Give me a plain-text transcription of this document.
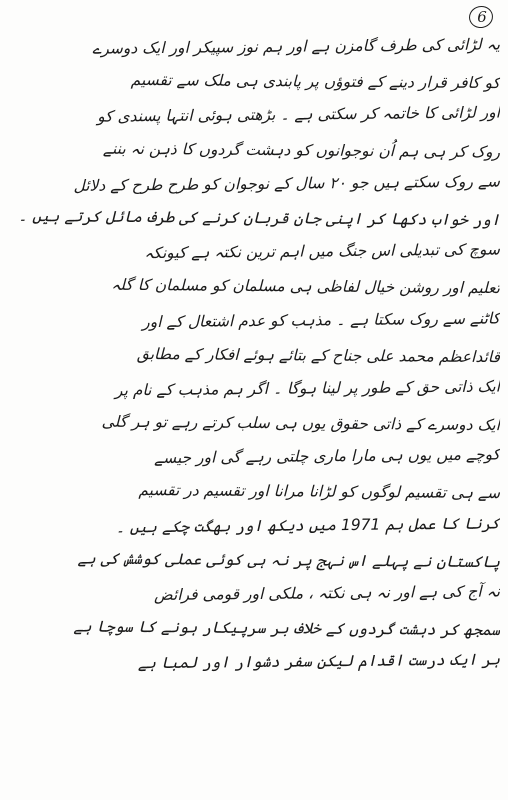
6
یہ لڑائی کی طرف گامزن ہے اور ہم نوز سپیکر اور ایک دوسرے
کو کافر قرار دینے کے فتوؤں پر پابندی ہی ملک سے تقسیم
اور لڑائی کا خاتمہ کر سکتی ہے ۔ بڑھتی ہوئی انتہا پسندی کو
روک کر ہی ہم اُن نوجوانوں کو دہشت گردوں کا ذہن نہ بننے
سے روک سکتے ہیں جو ۲۰ سال کے نوجوان کو طرح طرح کے دلائل
اور خواب دکھا کر اپنی جان قربان کرنے کی طرف مائل کرتے ہیں ۔
سوچ کی تبدیلی اس جنگ میں اہم ترین نکتہ ہے کیونکہ
تعلیم اور روشن خیال لفاظی ہی مسلمان کو مسلمان کا گلہ
کاٹنے سے روک سکتا ہے ۔ مذہب کو عدم اشتعال کے اور
قائداعظم محمد علی جناح کے بتائے ہوئے افکار کے مطابق
ایک ذاتی حق کے طور پر لینا ہوگا ۔ اگر ہم مذہب کے نام پر
ایک دوسرے کے ذاتی حقوق یوں ہی سلب کرتے رہے تو ہر گلی
کوچے میں یوں ہی مارا ماری چلتی رہے گی اور جیسے
سے ہی تقسیم لوگوں کو لڑانا مرانا اور تقسیم در تقسیم
کرنا کا عمل ہم 1971 میں دیکھ اور بھگت چکے ہیں ۔
پاکستان نے پہلے اس نہج پر نہ ہی کوئی عملی کوشش کی ہے
نہ آج کی ہے اور نہ ہی نکتہ ، ملکی اور قومی فرائض
سمجھ کر دہشت گردوں کے خلاف بر سرپیکار ہونے کا سوچا ہے
ہر ایک درست اقدام لیکن سفر دشوار اور لمبا ہے
